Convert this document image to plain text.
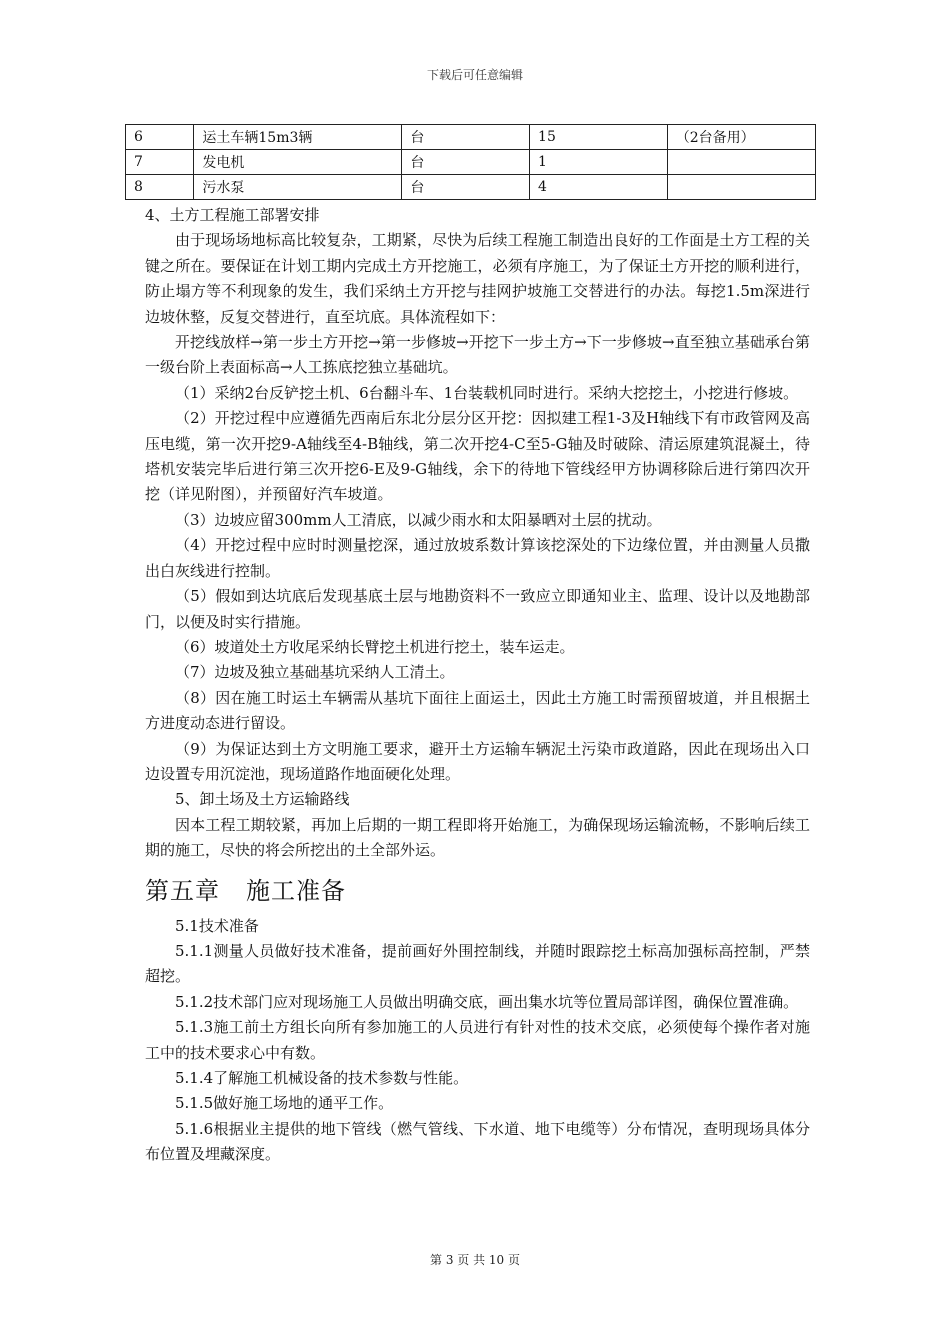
下载后可任意编辑
6	运土车辆15m3辆	台	15	（2台备用）
7	发电机	台	1	
8	污水泵	台	4	

4、土方工程施工部署安排

由于现场场地标高比较复杂，工期紧，尽快为后续工程施工制造出良好的工作面是土方工程的关键之所在。要保证在计划工期内完成土方开挖施工，必须有序施工，为了保证土方开挖的顺利进行，防止塌方等不利现象的发生，我们采纳土方开挖与挂网护坡施工交替进行的办法。每挖1.5m深进行边坡休整，反复交替进行，直至坑底。具体流程如下：

开挖线放样→第一步土方开挖→第一步修坡→开挖下一步土方→下一步修坡→直至独立基础承台第一级台阶上表面标高→人工拣底挖独立基础坑。

（1）采纳2台反铲挖土机、6台翻斗车、1台装载机同时进行。采纳大挖挖土，小挖进行修坡。

（2）开挖过程中应遵循先西南后东北分层分区开挖：因拟建工程1-3及H轴线下有市政管网及高压电缆，第一次开挖9-A轴线至4-B轴线，第二次开挖4-C至5-G轴及时破除、清运原建筑混凝土，待塔机安装完毕后进行第三次开挖6-E及9-G轴线，余下的待地下管线经甲方协调移除后进行第四次开挖（详见附图），并预留好汽车坡道。

（3）边坡应留300mm人工清底，以减少雨水和太阳暴晒对土层的扰动。

（4）开挖过程中应时时测量挖深，通过放坡系数计算该挖深处的下边缘位置，并由测量人员撒出白灰线进行控制。

（5）假如到达坑底后发现基底土层与地勘资料不一致应立即通知业主、监理、设计以及地勘部门，以便及时实行措施。

（6）坡道处土方收尾采纳长臂挖土机进行挖土，装车运走。

（7）边坡及独立基础基坑采纳人工清土。

（8）因在施工时运土车辆需从基坑下面往上面运土，因此土方施工时需预留坡道，并且根据土方进度动态进行留设。

（9）为保证达到土方文明施工要求，避开土方运输车辆泥土污染市政道路，因此在现场出入口边设置专用沉淀池，现场道路作地面硬化处理。

5、卸土场及土方运输路线

因本工程工期较紧，再加上后期的一期工程即将开始施工，为确保现场运输流畅，不影响后续工期的施工，尽快的将会所挖出的土全部外运。

第五章 施工准备

5.1技术准备

5.1.1测量人员做好技术准备，提前画好外围控制线，并随时跟踪挖土标高加强标高控制，严禁超挖。

5.1.2技术部门应对现场施工人员做出明确交底，画出集水坑等位置局部详图，确保位置准确。

5.1.3施工前土方组长向所有参加施工的人员进行有针对性的技术交底，必须使每个操作者对施工中的技术要求心中有数。

5.1.4了解施工机械设备的技术参数与性能。

5.1.5做好施工场地的通平工作。

5.1.6根据业主提供的地下管线（燃气管线、下水道、地下电缆等）分布情况，查明现场具体分布位置及埋藏深度。

第 3 页 共 10 页
